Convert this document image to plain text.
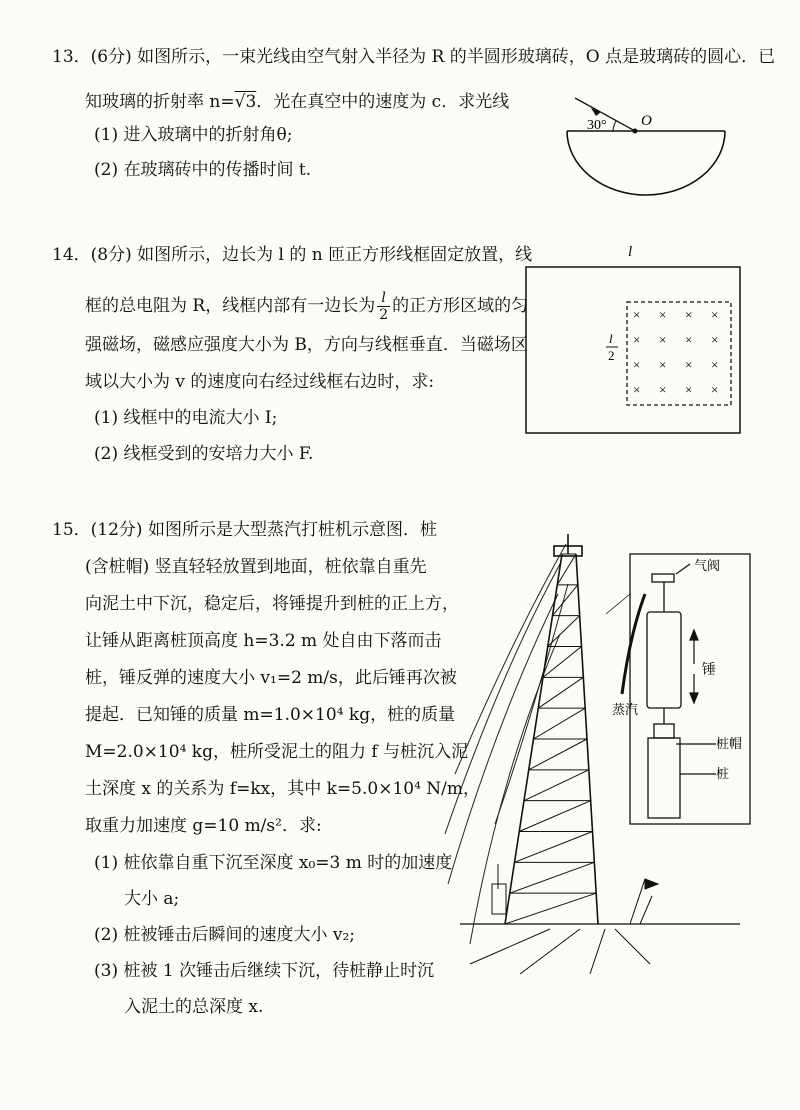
13．(6分) 如图所示，一束光线由空气射入半径为 R 的半圆形玻璃砖，O 点是玻璃砖的圆心．已
知玻璃的折射率 n=√3．光在真空中的速度为 c．求光线
(1) 进入玻璃中的折射角θ;
(2) 在玻璃砖中的传播时间 t.
30° O
14．(8分) 如图所示，边长为 l 的 n 匝正方形线框固定放置，线
框的总电阻为 R，线框内部有一边长为 $\frac{l}{2}$ 的正方形区域的匀
强磁场，磁感应强度大小为 B，方向与线框垂直．当磁场区
域以大小为 v 的速度向右经过线框右边时，求:
(1) 线框中的电流大小 I;
(2) 线框受到的安培力大小 F.
l
l
2
× × × ×
× × × ×
× × × ×
× × × ×
15．(12分) 如图所示是大型蒸汽打桩机示意图．桩
(含桩帽) 竖直轻轻放置到地面，桩依靠自重先
向泥土中下沉，稳定后，将锤提升到桩的正上方，
让锤从距离桩顶高度 h=3.2 m 处自由下落而击
桩，锤反弹的速度大小 v₁=2 m/s，此后锤再次被
提起．已知锤的质量 m=1.0×10⁴ kg，桩的质量
M=2.0×10⁴ kg，桩所受泥土的阻力 f 与桩沉入泥
土深度 x 的关系为 f=kx，其中 k=5.0×10⁴ N/m，
取重力加速度 g=10 m/s²．求:
(1) 桩依靠自重下沉至深度 x₀=3 m 时的加速度
大小 a;
(2) 桩被锤击后瞬间的速度大小 v₂;
(3) 桩被 1 次锤击后继续下沉，待桩静止时沉
入泥土的总深度 x.
气阀
锤
蒸汽
桩帽
桩
